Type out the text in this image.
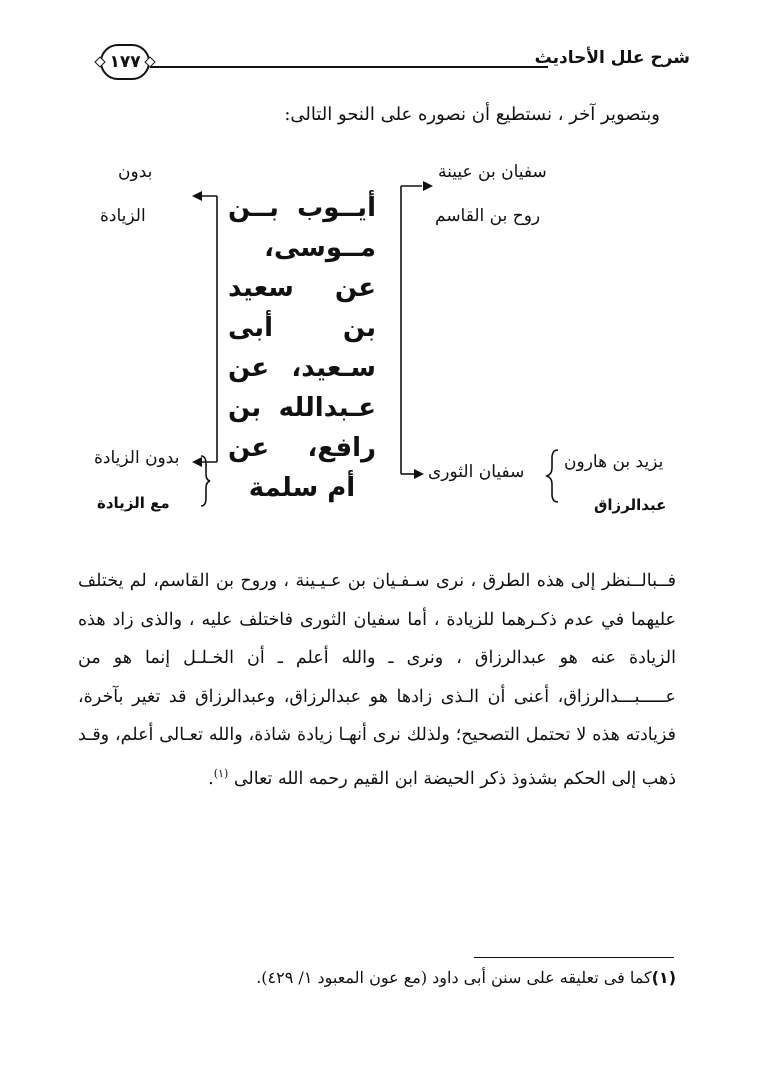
شرح علل الأحاديث
١٧٧
وبتصوير آخر ، نستطيع أن نصوره على النحو التالى:
سفيان بن عيينة
روح بن القاسم
بدون
الزيادة	أيــوب بــن مــوسى، عن سعيد بن أبى سـعيد، عن عـبدالله بن رافع، عن أم سلمة
يزيد بن هارون
عبدالرزاق
سفيان الثورى
بدون الزيادة
مع الزيادة
فــبالــنظر إلى هذه الطرق ، نرى سـفـيان بن عـيـينة ، وروح بن القاسم، لم يختلف عليهما في عدم ذكـرهما للزيادة ، أما سفيان الثورى فاختلف عليه ، والذى زاد هذه الزيادة عنه هو عبدالرزاق ، ونرى ـ والله أعلم ـ أن الخـلـل إنما هو من عـــــبـــدالرزاق، أعنى أن الـذى زادها هو عبدالرزاق، وعبدالرزاق قد تغير بآخرة، فزيادته هذه لا تحتمل التصحيح؛ ولذلك نرى أنهـا زيادة شاذة، والله تعـالى أعلم، وقـد ذهب إلى الحكم بشذوذ ذكر الحيضة ابن القيم رحمه الله تعالى $^{(١)}$.
(١)كما فى تعليقه على سنن أبى داود (مع عون المعبود ١/ ٤٢٩).
